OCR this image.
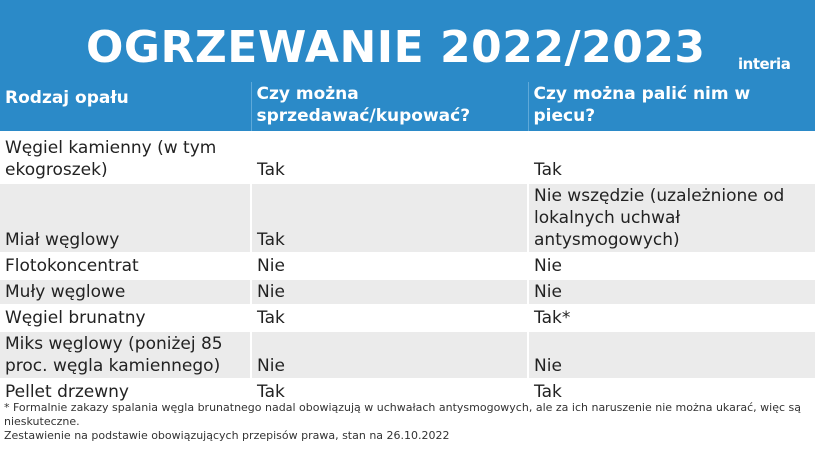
OGRZEWANIE 2022/2023 interia
Rodzaj opału	Czy można sprzedawać/kupować?	Czy można palić nim w piecu?
Węgiel kamienny (w tym ekogroszek)	Tak	Tak
Miał węglowy	Tak	Nie wszędzie (uzależnione od lokalnych uchwał antysmogowych)
Flotokoncentrat	Nie	Nie
Muły węglowe	Nie	Nie
Węgiel brunatny	Tak	Tak*
Miks węglowy (poniżej 85 proc. węgla kamiennego)	Nie	Nie
Pellet drzewny	Tak	Tak
* Formalnie zakazy spalania węgla brunatnego nadal obowiązują w uchwałach antysmogowych, ale za ich naruszenie nie można ukarać, więc są nieskuteczne.
Zestawienie na podstawie obowiązujących przepisów prawa, stan na 26.10.2022
